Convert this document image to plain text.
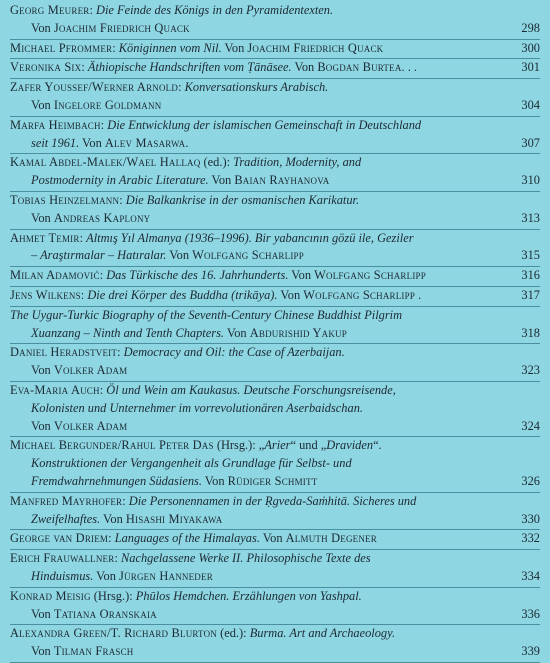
Georg Meurer: Die Feinde des Königs in den Pyramidentexten.
Von Joachim Friedrich Quack	298
Michael Pfrommer: Königinnen vom Nil. Von Joachim Friedrich Quack	300
Veronika Six: Äthiopische Handschriften vom Ṭānāsee. Von Bogdan Burtea. . .	301
Zafer Youssef/Werner Arnold: Konversationskurs Arabisch.
Von Ingelore Goldmann	304
Marfa Heimbach: Die Entwicklung der islamischen Gemeinschaft in Deutschland
seit 1961. Von Alev Masarwa.	307
Kamal Abdel-Malek/Wael Hallaq (ed.): Tradition, Modernity, and
Postmodernity in Arabic Literature. Von Baian Rayhanova	310
Tobias Heinzelmann: Die Balkankrise in der osmanischen Karikatur.
Von Andreas Kaplony	313
Ahmet Temir: Altmış Yıl Almanya (1936–1996). Bir yabancının gözü ile, Geziler
– Araştırmalar – Hatıralar. Von Wolfgang Scharlipp	315
Milan Adamović: Das Türkische des 16. Jahrhunderts. Von Wolfgang Scharlipp	316
Jens Wilkens: Die drei Körper des Buddha (trikāya). Von Wolfgang Scharlipp .	317
The Uygur-Turkic Biography of the Seventh-Century Chinese Buddhist Pilgrim
Xuanzang – Ninth and Tenth Chapters. Von Abdurishid Yakup	318
Daniel Heradstveit: Democracy and Oil: the Case of Azerbaijan.
Von Volker Adam	323
Eva-Maria Auch: Öl und Wein am Kaukasus. Deutsche Forschungsreisende,
Kolonisten und Unternehmer im vorrevolutionären Aserbaidschan.
Von Volker Adam	324
Michael Bergunder/Rahul Peter Das (Hrsg.): „Arier“ und „Draviden“.
Konstruktionen der Vergangenheit als Grundlage für Selbst- und
Fremdwahrnehmungen Südasiens. Von Rüdiger Schmitt	326
Manfred Mayrhofer: Die Personennamen in der Ṛgveda-Saṁhitā. Sicheres und
Zweifelhaftes. Von Hisashi Miyakawa	330
George van Driem: Languages of the Himalayas. Von Almuth Degener	332
Erich Frauwallner: Nachgelassene Werke II. Philosophische Texte des
Hinduismus. Von Jürgen Hanneder	334
Konrad Meisig (Hrsg.): Phūlos Hemdchen. Erzählungen von Yashpal.
Von Tatiana Oranskaia	336
Alexandra Green/T. Richard Blurton (ed.): Burma. Art and Archaeology.
Von Tilman Frasch	339
